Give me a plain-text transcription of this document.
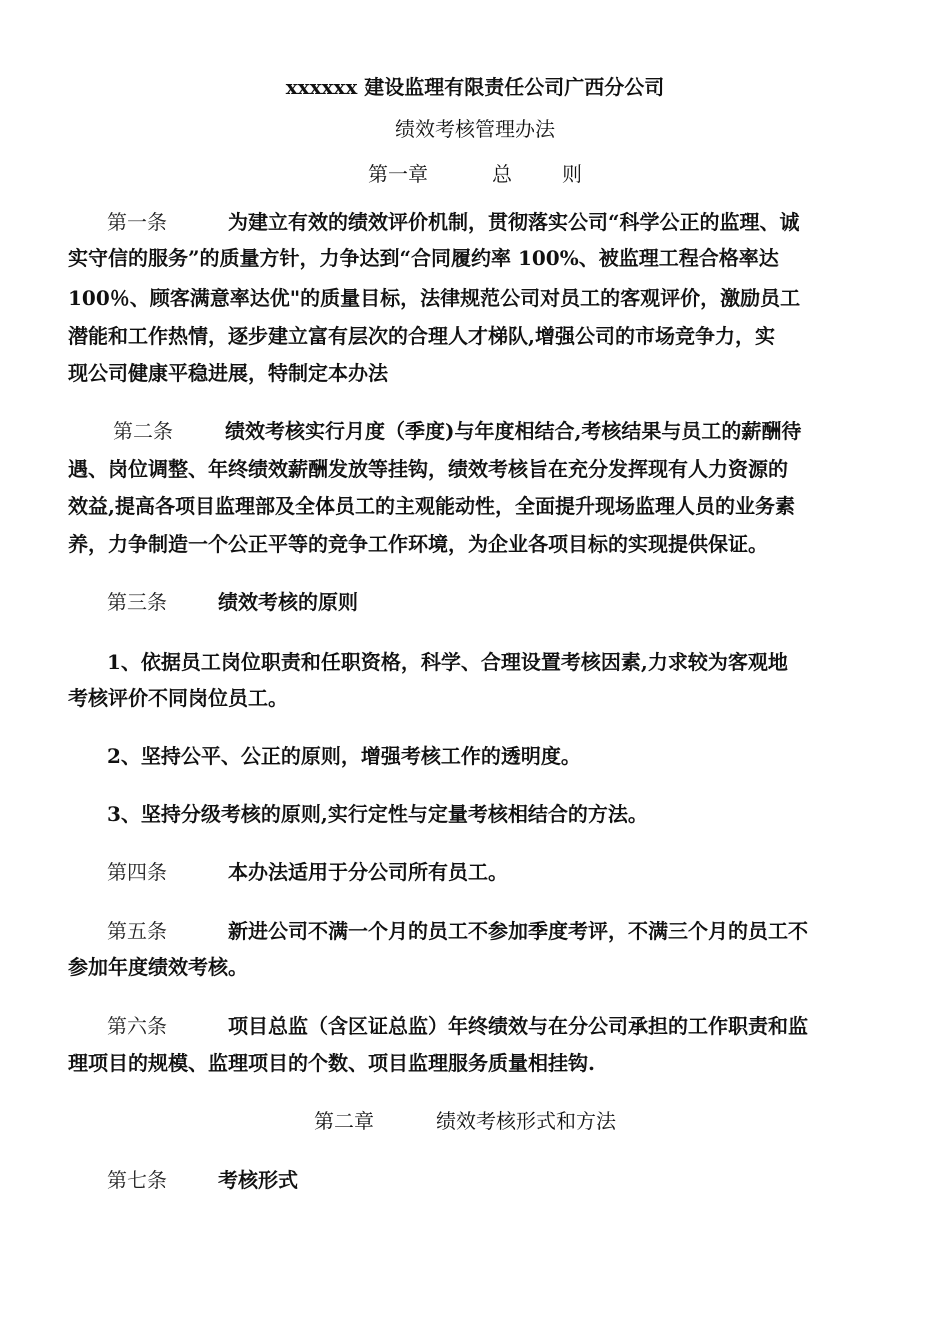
xxxxxx 建设监理有限责任公司广西分公司
绩效考核管理办法
第一章	总	则
第一条	为建立有效的绩效评价机制，贯彻落实公司“科学公正的监理、诚
实守信的服务”的质量方针，力争达到“合同履约率 100%、被监理工程合格率达
100％、顾客满意率达优"的质量目标，法律规范公司对员工的客观评价，激励员工
潜能和工作热情，逐步建立富有层次的合理人才梯队,增强公司的市场竞争力，实
现公司健康平稳进展，特制定本办法
第二条	绩效考核实行月度（季度)与年度相结合,考核结果与员工的薪酬待
遇、岗位调整、年终绩效薪酬发放等挂钩，绩效考核旨在充分发挥现有人力资源的
效益,提高各项目监理部及全体员工的主观能动性，全面提升现场监理人员的业务素
养，力争制造一个公正平等的竞争工作环境，为企业各项目标的实现提供保证。
第三条	绩效考核的原则
1、依据员工岗位职责和任职资格，科学、合理设置考核因素,力求较为客观地
考核评价不同岗位员工。
2、坚持公平、公正的原则，增强考核工作的透明度。
3、坚持分级考核的原则,实行定性与定量考核相结合的方法。
第四条	本办法适用于分公司所有员工。
第五条	新进公司不满一个月的员工不参加季度考评，不满三个月的员工不
参加年度绩效考核。
第六条	项目总监（含区证总监）年终绩效与在分公司承担的工作职责和监
理项目的规模、监理项目的个数、项目监理服务质量相挂钩.
第二章	绩效考核形式和方法
第七条	考核形式
